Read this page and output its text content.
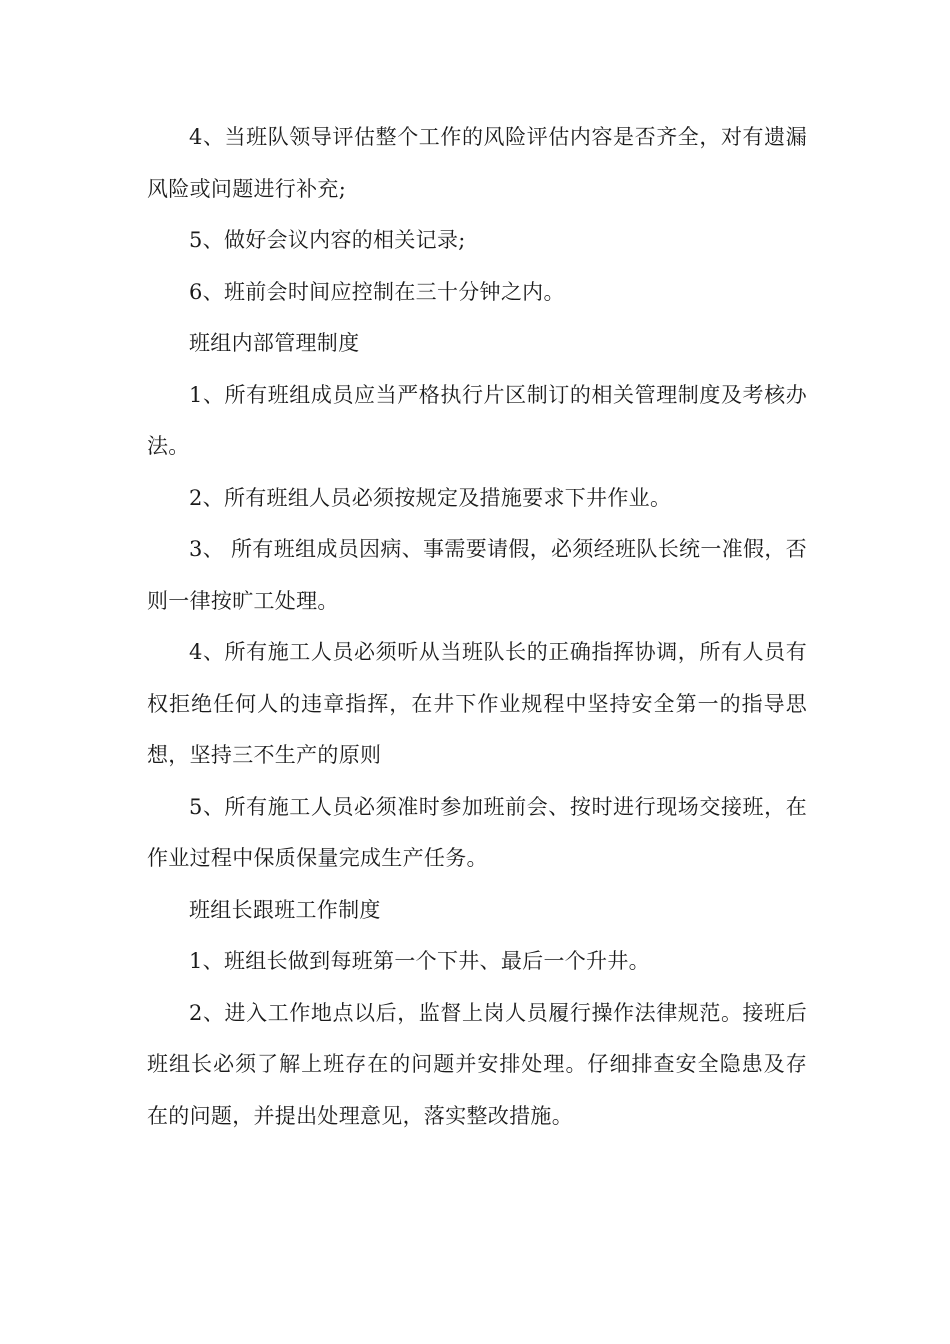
4、当班队领导评估整个工作的风险评估内容是否齐全，对有遗漏风险或问题进行补充;

5、做好会议内容的相关记录;

6、班前会时间应控制在三十分钟之内。

班组内部管理制度

1、所有班组成员应当严格执行片区制订的相关管理制度及考核办法。

2、所有班组人员必须按规定及措施要求下井作业。

3、 所有班组成员因病、事需要请假，必须经班队长统一准假，否则一律按旷工处理。

4、所有施工人员必须听从当班队长的正确指挥协调，所有人员有权拒绝任何人的违章指挥，在井下作业规程中坚持安全第一的指导思想，坚持三不生产的原则

5、所有施工人员必须准时参加班前会、按时进行现场交接班，在作业过程中保质保量完成生产任务。

班组长跟班工作制度

1、班组长做到每班第一个下井、最后一个升井。

2、进入工作地点以后，监督上岗人员履行操作法律规范。接班后班组长必须了解上班存在的问题并安排处理。仔细排查安全隐患及存在的问题，并提出处理意见，落实整改措施。
